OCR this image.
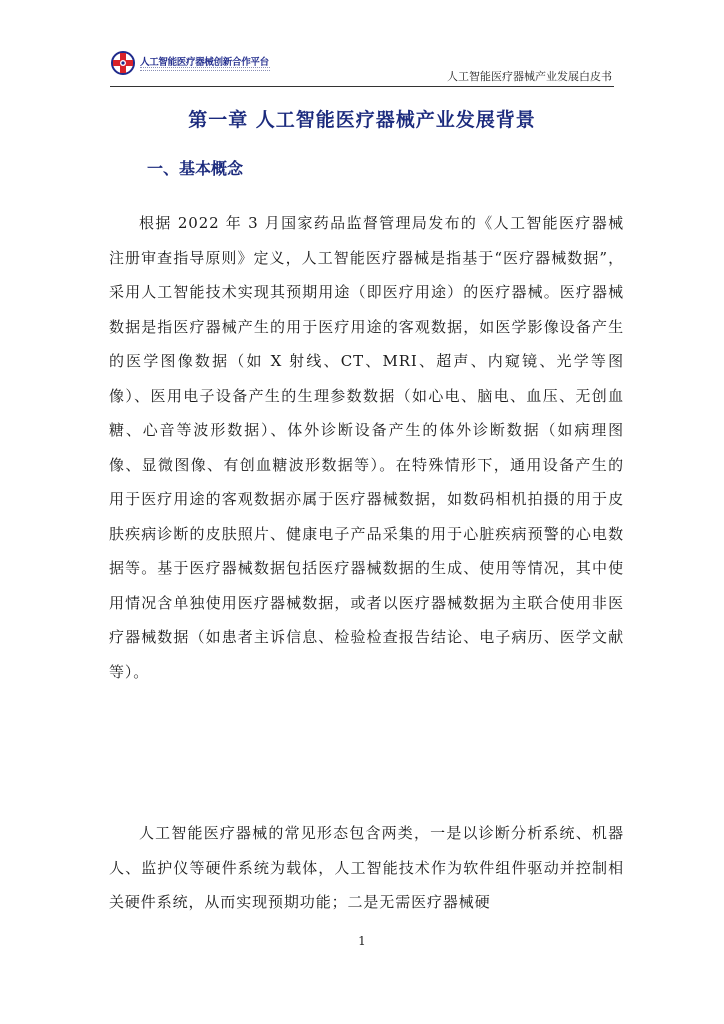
人工智能医疗器械创新合作平台
人工智能医疗器械产业发展白皮书
第一章 人工智能医疗器械产业发展背景
一、基本概念

根据 2022 年 3 月国家药品监督管理局发布的《人工智能医疗器械注册审查指导原则》定义，人工智能医疗器械是指基于“医疗器械数据”，采用人工智能技术实现其预期用途（即医疗用途）的医疗器械。医疗器械数据是指医疗器械产生的用于医疗用途的客观数据，如医学影像设备产生的医学图像数据（如 X 射线、CT、MRI、超声、内窥镜、光学等图像）、医用电子设备产生的生理参数数据（如心电、脑电、血压、无创血糖、心音等波形数据）、体外诊断设备产生的体外诊断数据（如病理图像、显微图像、有创血糖波形数据等）。在特殊情形下，通用设备产生的用于医疗用途的客观数据亦属于医疗器械数据，如数码相机拍摄的用于皮肤疾病诊断的皮肤照片、健康电子产品采集的用于心脏疾病预警的心电数据等。基于医疗器械数据包括医疗器械数据的生成、使用等情况，其中使用情况含单独使用医疗器械数据，或者以医疗器械数据为主联合使用非医疗器械数据（如患者主诉信息、检验检查报告结论、电子病历、医学文献等）。

人工智能医疗器械的常见形态包含两类，一是以诊断分析系统、机器人、监护仪等硬件系统为载体，人工智能技术作为软件组件驱动并控制相关硬件系统，从而实现预期功能；二是无需医疗器械硬

1
